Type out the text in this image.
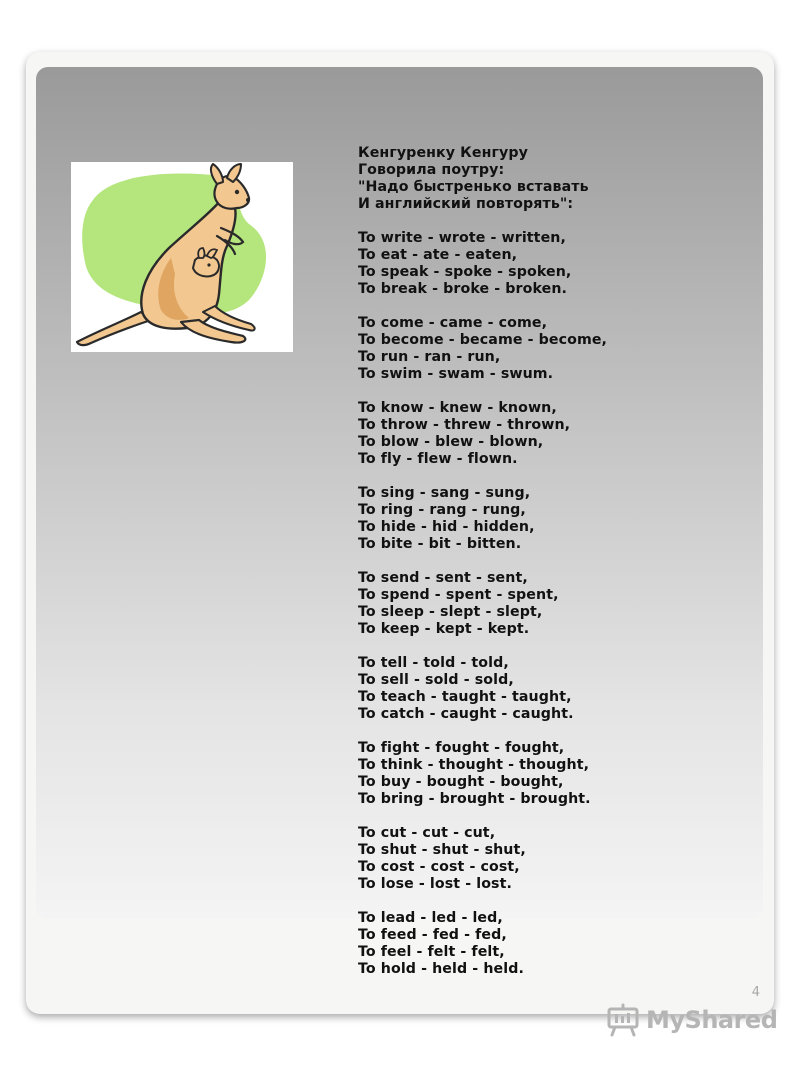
Кенгуренку Кенгуру
Говорила поутру:
"Надо быстренько вставать
И английский повторять":
To write - wrote - written,
To eat - ate - eaten,
To speak - spoke - spoken,
To break - broke - broken.
To come - came - come,
To become - became - become,
To run - ran - run,
To swim - swam - swum.
To know - knew - known,
To throw - threw - thrown,
To blow - blew - blown,
To fly - flew - flown.
To sing - sang - sung,
To ring - rang - rung,
To hide - hid - hidden,
To bite - bit - bitten.
To send - sent - sent,
To spend - spent - spent,
To sleep - slept - slept,
To keep - kept - kept.
To tell - told - told,
To sell - sold - sold,
To teach - taught - taught,
To catch - caught - caught.
To fight - fought - fought,
To think - thought - thought,
To buy - bought - bought,
To bring - brought - brought.
To cut - cut - cut,
To shut - shut - shut,
To cost - cost - cost,
To lose - lost - lost.
To lead - led - led,
To feed - fed - fed,
To feel - felt - felt,
To hold - held - held.
4
MyShared
